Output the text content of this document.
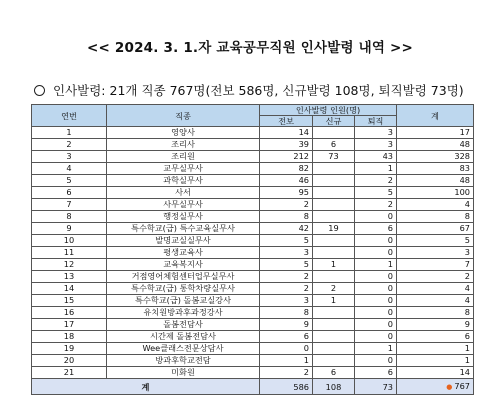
<< 2024. 3. 1.자 교육공무직원 인사발령 내역 >>
인사발령: 21개 직종 767명(전보 586명, 신규발령 108명, 퇴직발령 73명)
연번	직종	인사발령 인원(명)			계
		전보	신규	퇴직	
1	영양사	14		3	17
2	조리사	39	6	3	48
3	조리원	212	73	43	328
4	교무실무사	82		1	83
5	과학실무사	46		2	48
6	사서	95		5	100
7	사무실무사	2		2	4
8	행정실무사	8		0	8
9	특수학교(급) 특수교육실무사	42	19	6	67
10	발명교실실무사	5		0	5
11	평생교육사	3		0	3
12	교육복지사	5	1	1	7
13	거점영어체험센터업무실무사	2		0	2
14	특수학교(급) 통학차량실무사	2	2	0	4
15	특수학교(급) 돌봄교실강사	3	1	0	4
16	유치원방과후과정강사	8		0	8
17	돌봄전담사	9		0	9
18	시간제 돌봄전담사	6		0	6
19	Wee클래스전문상담사	0		1	1
20	방과후학교전담	1		0	1
21	미화원	2	6	6	14
계		586	108	73	● 767
